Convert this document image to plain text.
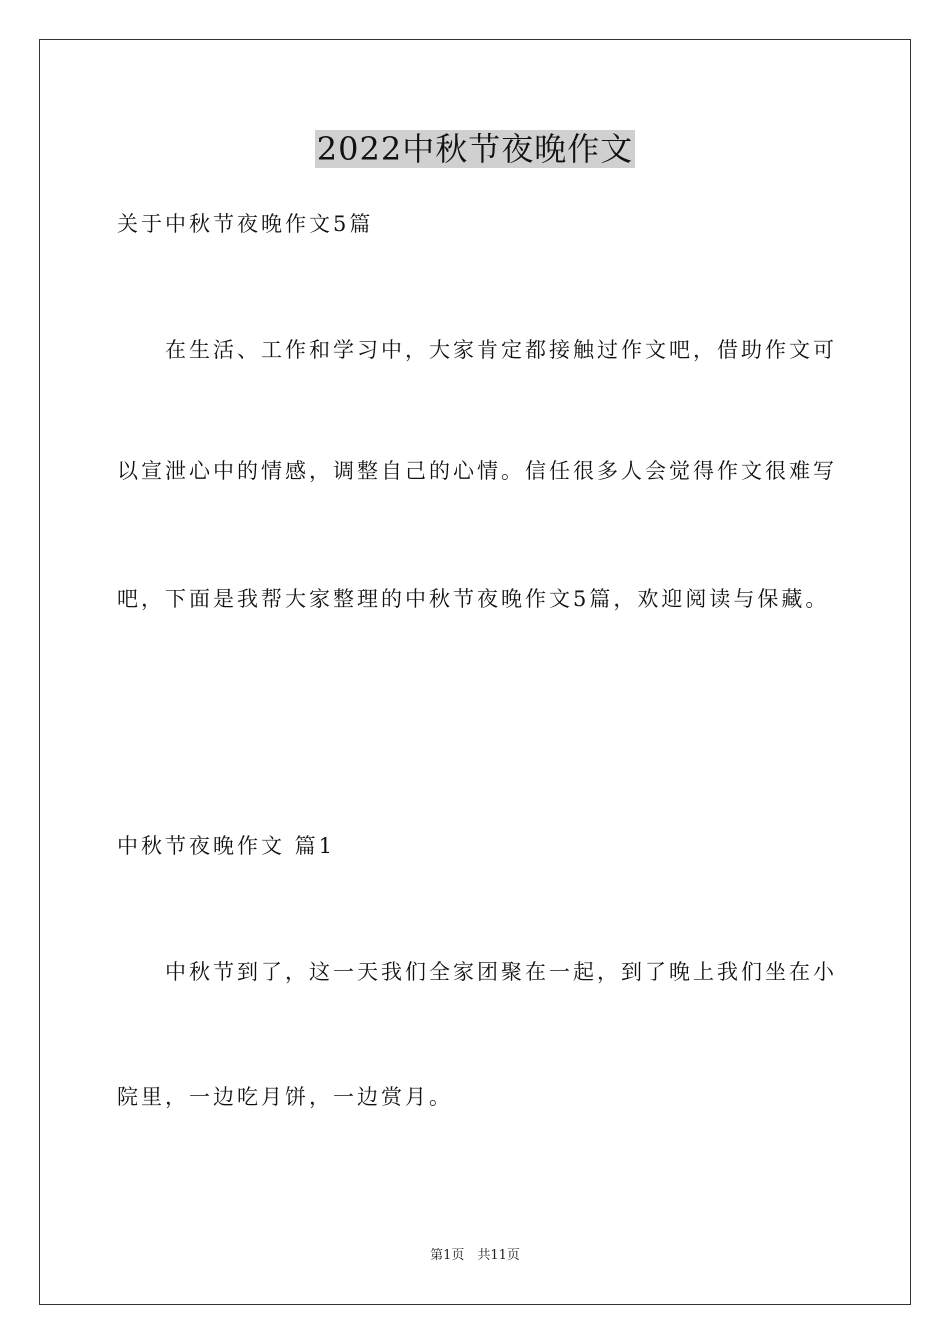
2022中秋节夜晚作文
关于中秋节夜晚作文5篇
在生活、工作和学习中，大家肯定都接触过作文吧，借助作文可
以宣泄心中的情感，调整自己的心情。信任很多人会觉得作文很难写
吧，下面是我帮大家整理的中秋节夜晚作文5篇，欢迎阅读与保藏。
中秋节夜晚作文 篇1
中秋节到了，这一天我们全家团聚在一起，到了晚上我们坐在小
院里，一边吃月饼，一边赏月。
第1页　共11页
